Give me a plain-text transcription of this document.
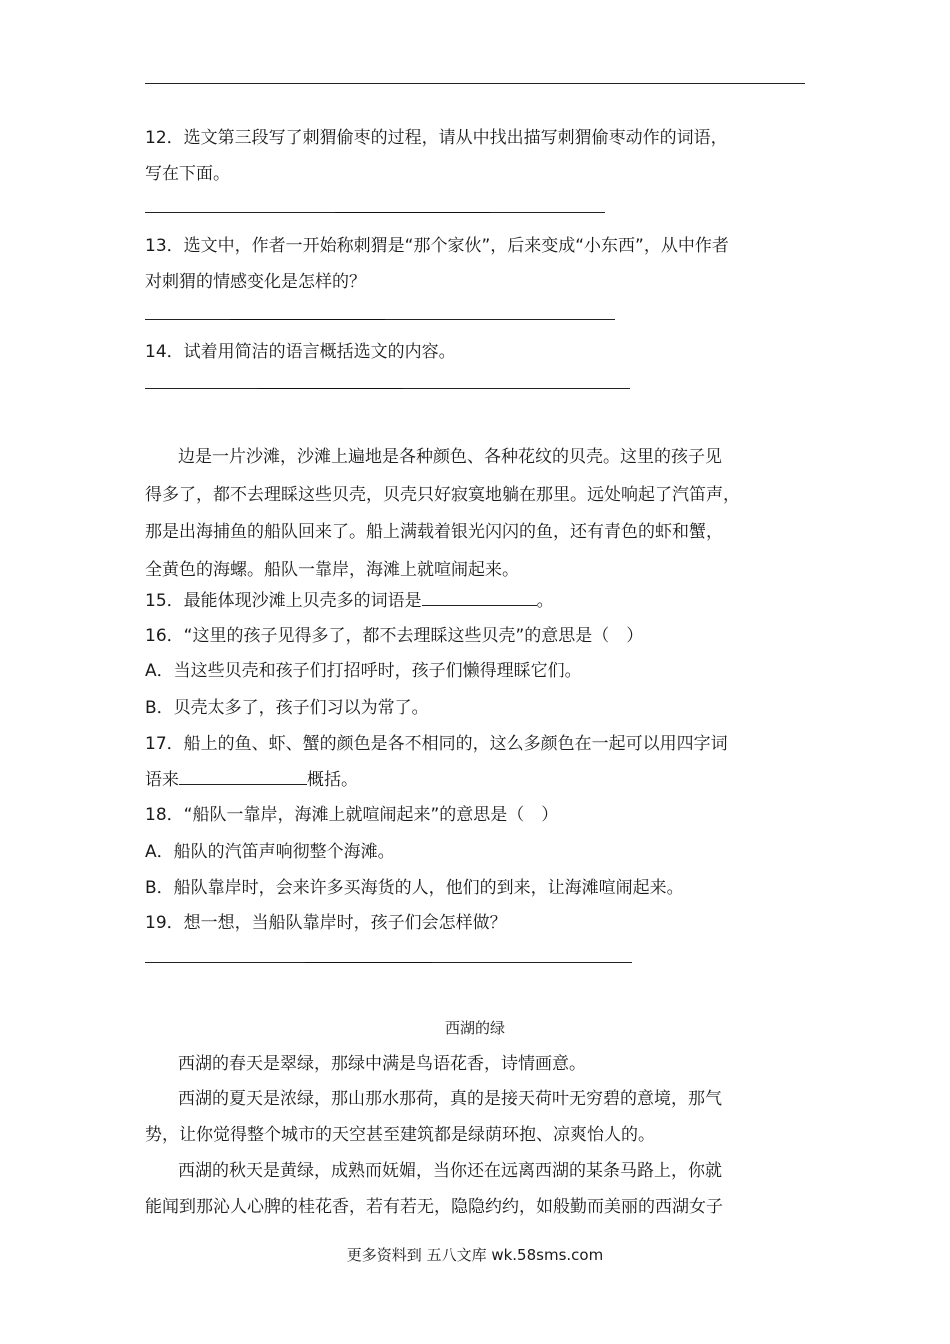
12．选文第三段写了刺猬偷枣的过程，请从中找出描写刺猬偷枣动作的词语，
写在下面。
13．选文中，作者一开始称刺猬是“那个家伙”，后来变成“小东西”，从中作者
对刺猬的情感变化是怎样的？
14．试着用简洁的语言概括选文的内容。
边是一片沙滩，沙滩上遍地是各种颜色、各种花纹的贝壳。这里的孩子见
得多了，都不去理睬这些贝壳，贝壳只好寂寞地躺在那里。远处响起了汽笛声，
那是出海捕鱼的船队回来了。船上满载着银光闪闪的鱼，还有青色的虾和蟹，
全黄色的海螺。船队一靠岸，海滩上就喧闹起来。
15．最能体现沙滩上贝壳多的词语是	。
16．“这里的孩子见得多了，都不去理睬这些贝壳”的意思是（　）
A．当这些贝壳和孩子们打招呼时，孩子们懒得理睬它们。
B．贝壳太多了，孩子们习以为常了。
17．船上的鱼、虾、蟹的颜色是各不相同的，这么多颜色在一起可以用四字词
语来	概括。
18．“船队一靠岸，海滩上就喧闹起来”的意思是（　）
A．船队的汽笛声响彻整个海滩。
B．船队靠岸时，会来许多买海货的人，他们的到来，让海滩喧闹起来。
19．想一想，当船队靠岸时，孩子们会怎样做？
西湖的绿
西湖的春天是翠绿，那绿中满是鸟语花香，诗情画意。
西湖的夏天是浓绿，那山那水那荷，真的是接天荷叶无穷碧的意境，那气
势，让你觉得整个城市的天空甚至建筑都是绿荫环抱、凉爽怡人的。
西湖的秋天是黄绿，成熟而妩媚，当你还在远离西湖的某条马路上，你就
能闻到那沁人心脾的桂花香，若有若无，隐隐约约，如般勤而美丽的西湖女子
更多资料到 五八文库 wk.58sms.com
